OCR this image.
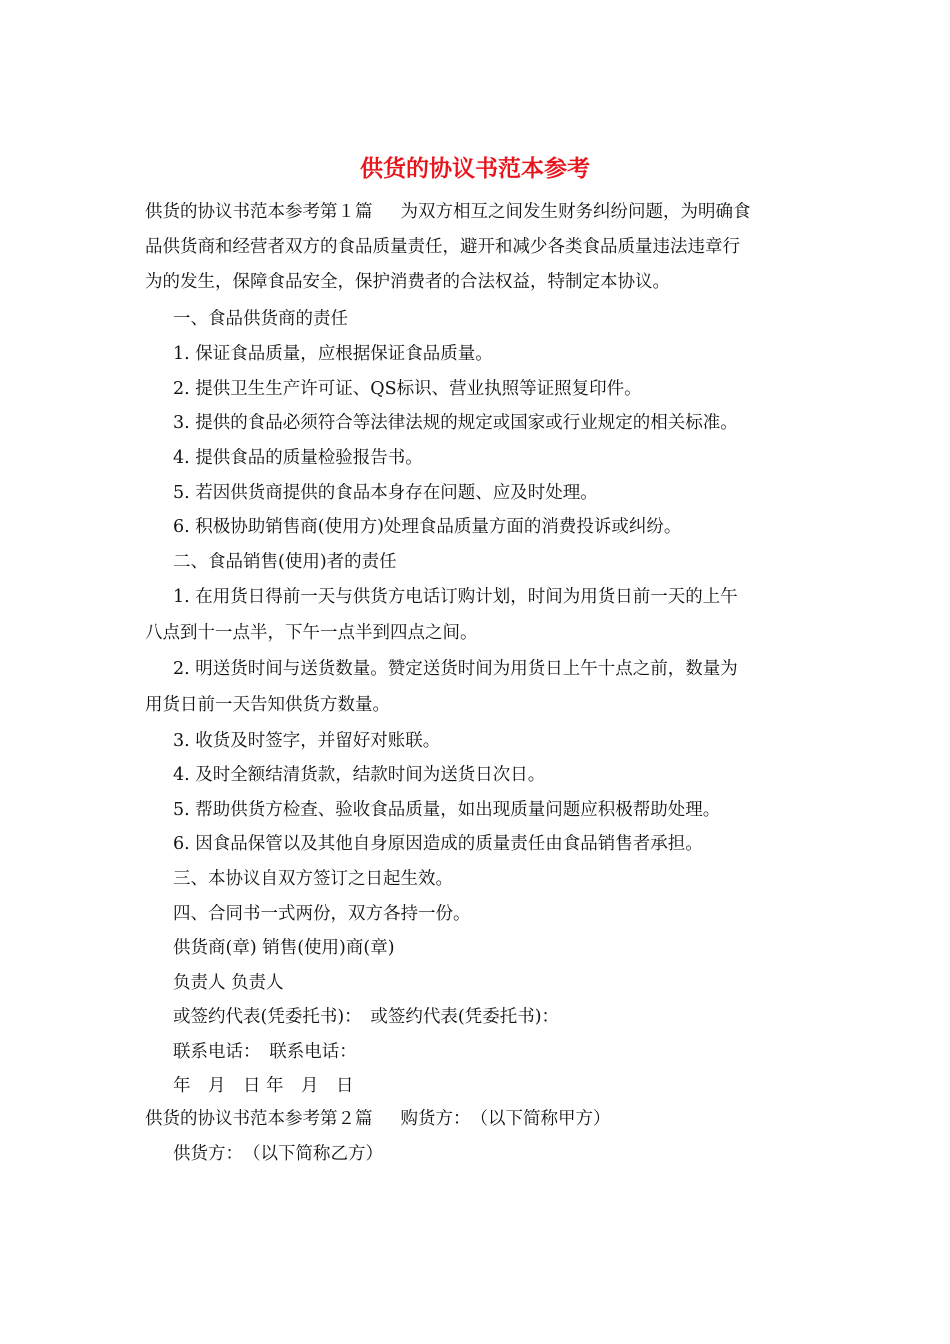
供货的协议书范本参考
供货的协议书范本参考第１篇 为双方相互之间发生财务纠纷问题，为明确食
品供货商和经营者双方的食品质量责任，避开和减少各类食品质量违法违章行
为的发生，保障食品安全，保护消费者的合法权益，特制定本协议。
一、食品供货商的责任
1. 保证食品质量，应根据保证食品质量。
2. 提供卫生生产许可证、QS标识、营业执照等证照复印件。
3. 提供的食品必须符合等法律法规的规定或国家或行业规定的相关标准。
4. 提供食品的质量检验报告书。
5. 若因供货商提供的食品本身存在问题、应及时处理。
6. 积极协助销售商(使用方)处理食品质量方面的消费投诉或纠纷。
二、食品销售(使用)者的责任
1. 在用货日得前一天与供货方电话订购计划，时间为用货日前一天的上午
八点到十一点半，下午一点半到四点之间。
2. 明送货时间与送货数量。赞定送货时间为用货日上午十点之前，数量为
用货日前一天告知供货方数量。
3. 收货及时签字，并留好对账联。
4. 及时全额结清货款，结款时间为送货日次日。
5. 帮助供货方检查、验收食品质量，如出现质量问题应积极帮助处理。
6. 因食品保管以及其他自身原因造成的质量责任由食品销售者承担。
三、本协议自双方签订之日起生效。
四、合同书一式两份，双方各持一份。
供货商(章) 销售(使用)商(章)
负责人 负责人
或签约代表(凭委托书)：　或签约代表(凭委托书)：
联系电话：　联系电话：
年　月　日 年　月　日
供货的协议书范本参考第２篇 购货方：　（以下简称甲方）
供货方：　（以下简称乙方）
